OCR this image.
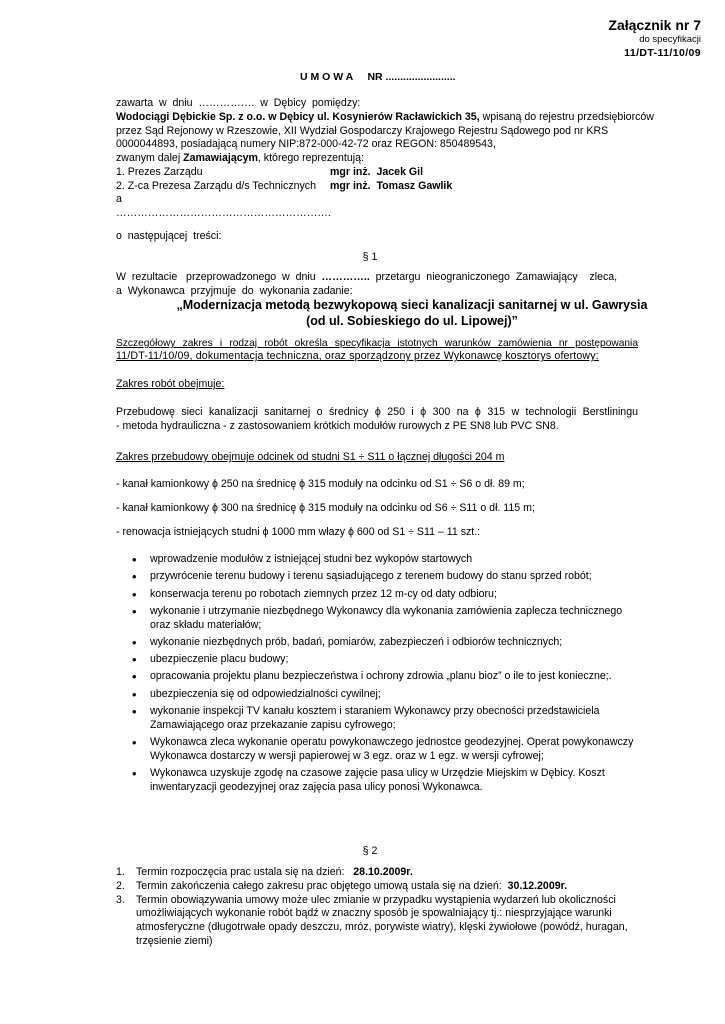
Załącznik nr 7
do specyfikacji
11/DT-11/10/09
U M O W A     NR ........................
zawarta  w  dniu  …………….  w  Dębicy  pomiędzy:
Wodociągi Dębickie Sp. z o.o. w Dębicy ul. Kosynierów Racławickich 35, wpisaną do rejestru przedsiębiorców
przez Sąd Rejonowy w Rzeszowie, XII Wydział Gospodarczy Krajowego Rejestru Sądowego pod nr KRS
0000044893, posiadającą numery NIP:872-000-42-72 oraz REGON: 850489543,
zwanym dalej Zamawiającym, którego reprezentują:
1. Prezes Zarządu	mgr inż.  Jacek Gil
2. Z-ca Prezesa Zarządu d/s Technicznych	mgr inż.  Tomasz Gawlik
a
…………………………………………………….
o  następującej  treści:
§ 1
W  rezultacie   przeprowadzonego  w  dniu  …………..  przetargu  nieograniczonego  Zamawiający    zleca,
a  Wykonawca  przyjmuje  do  wykonania zadanie:
„Modernizacja metodą bezwykopową sieci kanalizacji sanitarnej w ul. Gawrysia
(od ul. Sobieskiego do ul. Lipowej)”
Szczegółowy zakres i rodzaj robót określa specyfikacja istotnych warunków zamówienia nr postępowania
11/DT-11/10/09, dokumentacja techniczna, oraz sporządzony przez Wykonawcę kosztorys ofertowy:
Zakres robót obejmuje:
Przebudowę sieci kanalizacji sanitarnej o średnicy ϕ 250 i ϕ 300 na ϕ 315 w technologii Berstliningu
- metoda hydrauliczna - z zastosowaniem krótkich modułów rurowych z PE SN8 lub PVC SN8.
Zakres przebudowy obejmuje odcinek od studni S1 ÷ S11 o łącznej długości 204 m
- kanał kamionkowy ϕ 250 na średnicę ϕ 315 moduły na odcinku od S1 ÷ S6 o dł. 89 m;
- kanał kamionkowy ϕ 300 na średnicę ϕ 315 moduły na odcinku od S6 ÷ S11 o dł. 115 m;
- renowacja istniejących studni ϕ 1000 mm włazy ϕ 600 od S1 ÷ S11 – 11 szt.:
• wprowadzenie modułów z istniejącej studni bez wykopów startowych
• przywrócenie terenu budowy i terenu sąsiadującego z terenem budowy do stanu sprzed robót;
• konserwacja terenu po robotach ziemnych przez 12 m-cy od daty odbioru;
• wykonanie i utrzymanie niezbędnego Wykonawcy dla wykonania zamówienia zaplecza technicznego
oraz składu materiałów;
• wykonanie niezbędnych prób, badań, pomiarów, zabezpieczeń i odbiorów technicznych;
• ubezpieczenie placu budowy;
• opracowania projektu planu bezpieczeństwa i ochrony zdrowia „planu bioz” o ile to jest konieczne;.
• ubezpieczenia się od odpowiedzialności cywilnej;
• wykonanie inspekcji TV kanału kosztem i staraniem Wykonawcy przy obecności przedstawiciela
Zamawiającego oraz przekazanie zapisu cyfrowego;
• Wykonawca zleca wykonanie operatu powykonawczego jednostce geodezyjnej. Operat powykonawczy
Wykonawca dostarczy w wersji papierowej w 3 egz. oraz w 1 egz. w wersji cyfrowej;
• Wykonawca uzyskuje zgodę na czasowe zajęcie pasa ulicy w Urzędzie Miejskim w Dębicy. Koszt
inwentaryzacji geodezyjnej oraz zajęcia pasa ulicy ponosi Wykonawca.
§ 2
1. Termin rozpoczęcia prac ustala się na dzień:   28.10.2009r.
2. Termin zakończenia całego zakresu prac objętego umową ustala się na dzień:  30.12.2009r.
3. Termin obowiązywania umowy może ulec zmianie w przypadku wystąpienia wydarzeń lub okoliczności
umożliwiających wykonanie robót bądź w znaczny sposób je spowalniający tj.: niesprzyjające warunki
atmosferyczne (długotrwałe opady deszczu, mróz, porywiste wiatry), klęski żywiołowe (powódź, huragan,
trzęsienie ziemi)
